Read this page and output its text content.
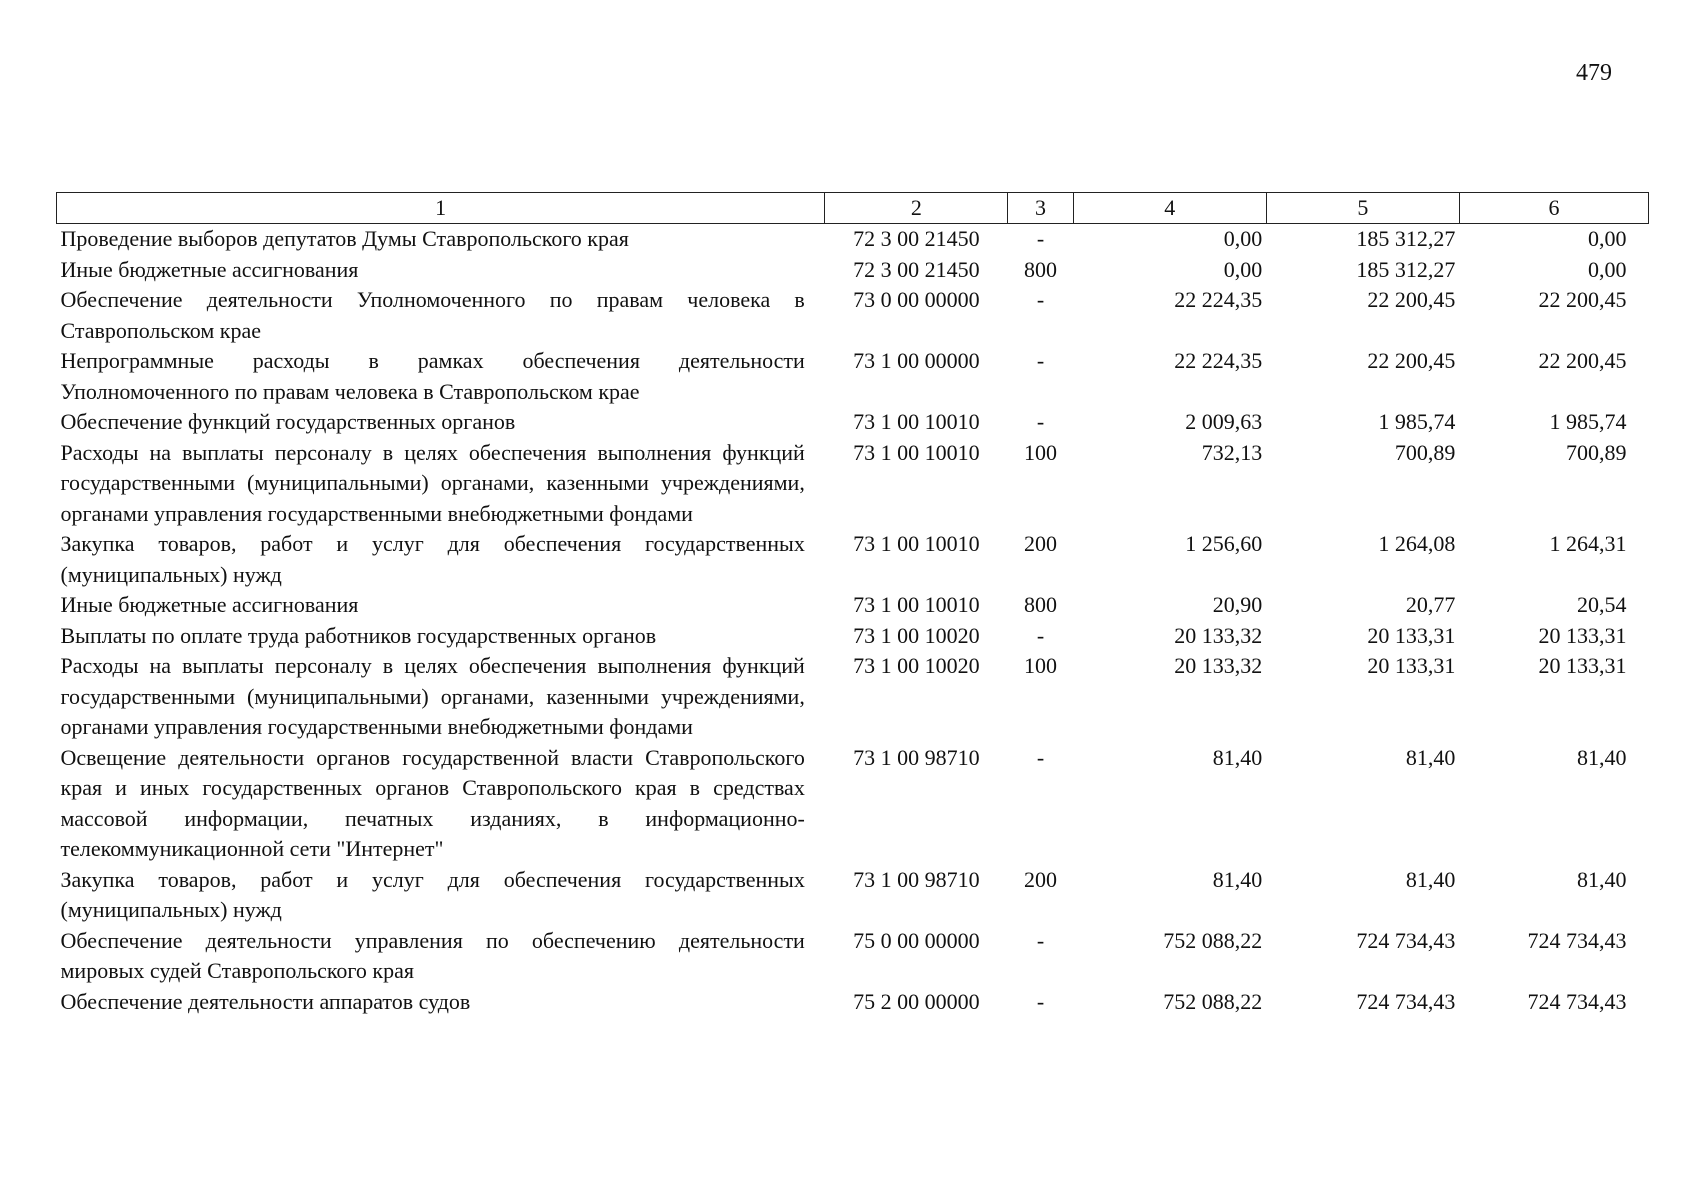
479
1	2	3	4	5	6
Проведение выборов депутатов Думы Ставропольского края	72 3 00 21450	-	0,00	185 312,27	0,00
Иные бюджетные ассигнования	72 3 00 21450	800	0,00	185 312,27	0,00
Обеспечение деятельности Уполномоченного по правам человека в Ставропольском крае	73 0 00 00000	-	22 224,35	22 200,45	22 200,45
Непрограммные расходы в рамках обеспечения деятельности Уполномоченного по правам человека в Ставропольском крае	73 1 00 00000	-	22 224,35	22 200,45	22 200,45
Обеспечение функций государственных органов	73 1 00 10010	-	2 009,63	1 985,74	1 985,74
Расходы на выплаты персоналу в целях обеспечения выполнения функций государственными (муниципальными) органами, казенными учреждениями, органами управления государственными внебюджетными фондами	73 1 00 10010	100	732,13	700,89	700,89
Закупка товаров, работ и услуг для обеспечения государственных (муниципальных) нужд	73 1 00 10010	200	1 256,60	1 264,08	1 264,31
Иные бюджетные ассигнования	73 1 00 10010	800	20,90	20,77	20,54
Выплаты по оплате труда работников государственных органов	73 1 00 10020	-	20 133,32	20 133,31	20 133,31
Расходы на выплаты персоналу в целях обеспечения выполнения функций государственными (муниципальными) органами, казенными учреждениями, органами управления государственными внебюджетными фондами	73 1 00 10020	100	20 133,32	20 133,31	20 133,31
Освещение деятельности органов государственной власти Ставропольского края и иных государственных органов Ставропольского края в средствах массовой информации, печатных изданиях, в информационно-телекоммуникационной сети "Интернет"	73 1 00 98710	-	81,40	81,40	81,40
Закупка товаров, работ и услуг для обеспечения государственных (муниципальных) нужд	73 1 00 98710	200	81,40	81,40	81,40
Обеспечение деятельности управления по обеспечению деятельности мировых судей Ставропольского края	75 0 00 00000	-	752 088,22	724 734,43	724 734,43
Обеспечение деятельности аппаратов судов	75 2 00 00000	-	752 088,22	724 734,43	724 734,43
